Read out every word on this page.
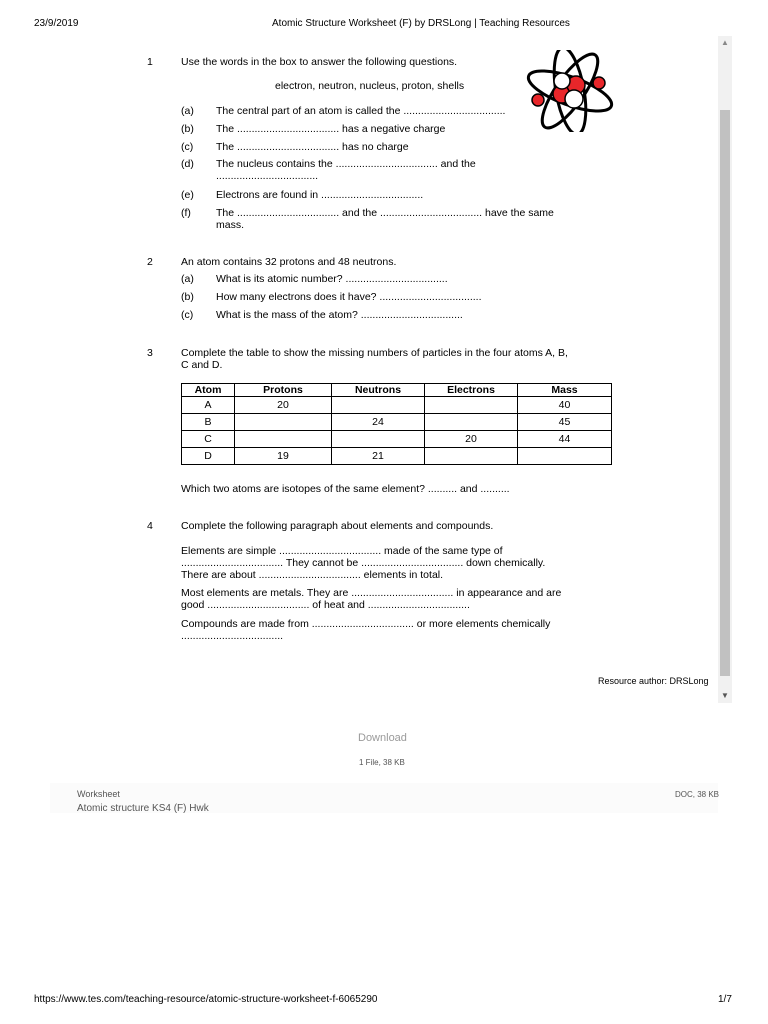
23/9/2019	Atomic Structure Worksheet (F) by DRSLong | Teaching Resources
▲
▼
1	Use the words in the box to answer the following questions.
electron, neutron, nucleus, proton, shells
(a) The central part of an atom is called the ...................................
(b) The ................................... has a negative charge
(c) The ................................... has no charge
(d) The nucleus contains the ................................... and the
...................................
(e) Electrons are found in ...................................
(f) The ................................... and the ................................... have the same
mass.
2	An atom contains 32 protons and 48 neutrons.
(a) What is its atomic number? ...................................
(b) How many electrons does it have? ...................................
(c) What is the mass of the atom? ...................................
3	Complete the table to show the missing numbers of particles in the four atoms A, B,
C and D.
Atom	Protons	Neutrons	Electrons	Mass
A	20			40
B		24		45
C			20	44
D	19	21		
Which two atoms are isotopes of the same element? .......... and ..........
4	Complete the following paragraph about elements and compounds.
Elements are simple ................................... made of the same type of
................................... They cannot be ................................... down chemically.
There are about ................................... elements in total.
Most elements are metals. They are ................................... in appearance and are
good ................................... of heat and ...................................
Compounds are made from ................................... or more elements chemically
...................................
Resource author: DRSLong
Download
1 File, 38 KB
Worksheet
Atomic structure KS4 (F) Hwk
DOC, 38 KB
https://www.tes.com/teaching-resource/atomic-structure-worksheet-f-6065290	1/7
